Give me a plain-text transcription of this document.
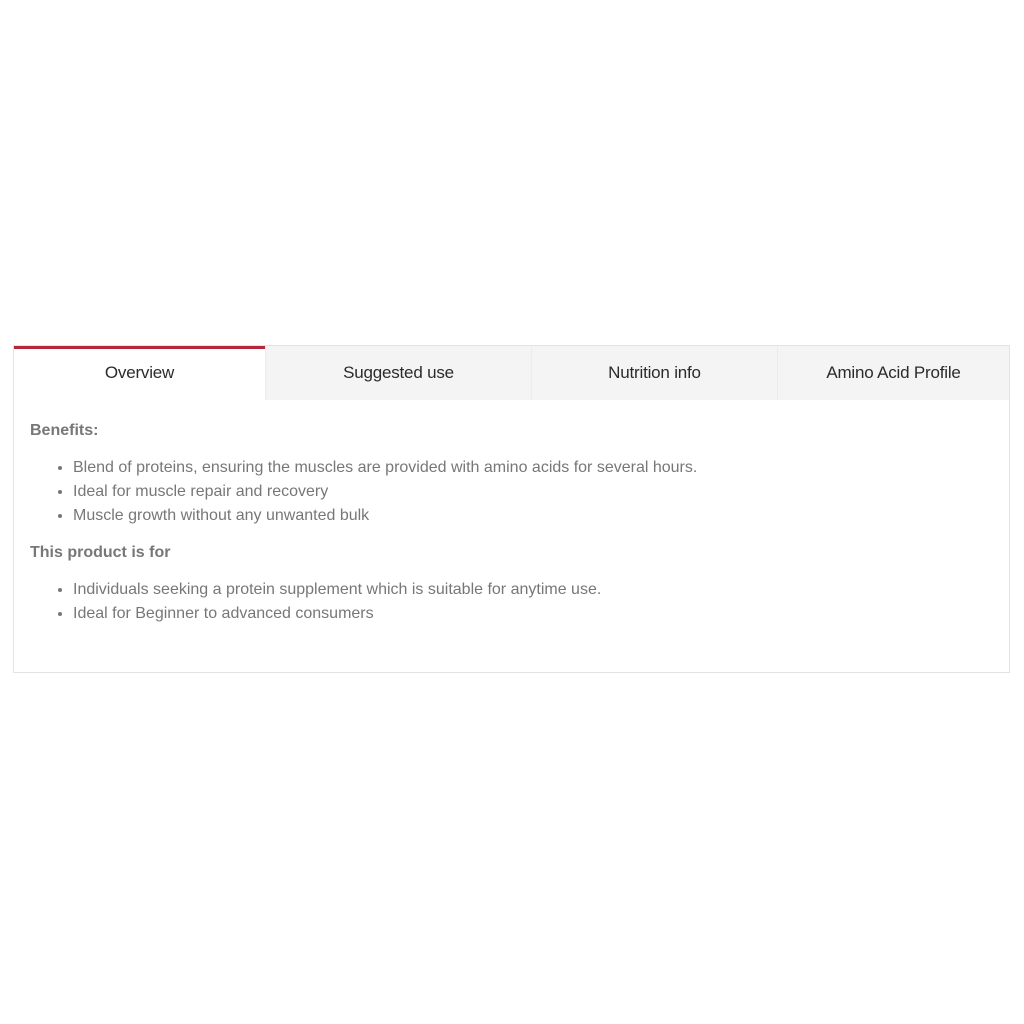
Overview	Suggested use	Nutrition info	Amino Acid Profile

Benefits:

• Blend of proteins, ensuring the muscles are provided with amino acids for several hours.
• Ideal for muscle repair and recovery
• Muscle growth without any unwanted bulk

This product is for

• Individuals seeking a protein supplement which is suitable for anytime use.
• Ideal for Beginner to advanced consumers
